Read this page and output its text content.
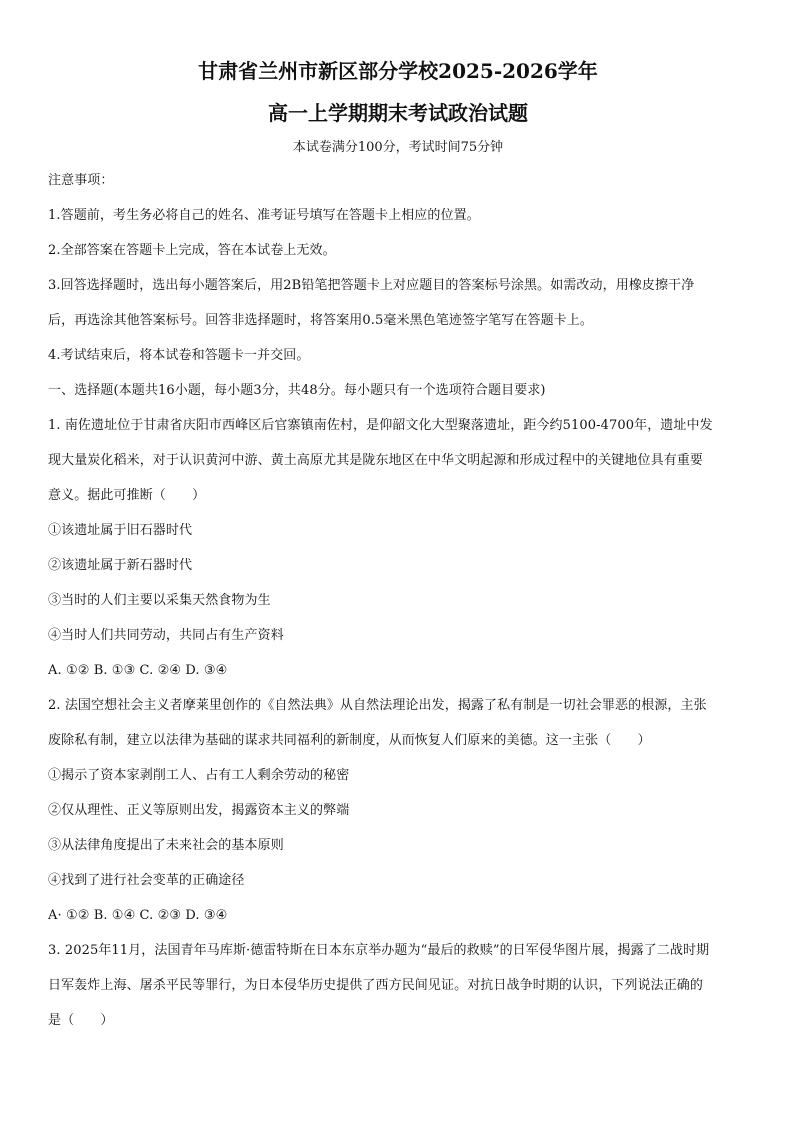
甘肃省兰州市新区部分学校2025-2026学年
高一上学期期末考试政治试题
本试卷满分100分，考试时间75分钟
注意事项：
1.答题前，考生务必将自己的姓名、准考证号填写在答题卡上相应的位置。
2.全部答案在答题卡上完成，答在本试卷上无效。
3.回答选择题时，选出每小题答案后，用2B铅笔把答题卡上对应题目的答案标号涂黑。如需改动，用橡皮擦干净
后，再选涂其他答案标号。回答非选择题时，将答案用0.5毫米黑色笔迹签字笔写在答题卡上。
4.考试结束后，将本试卷和答题卡一并交回。
一、选择题(本题共16小题，每小题3分，共48分。每小题只有一个选项符合题目要求)
1. 南佐遗址位于甘肃省庆阳市西峰区后官寨镇南佐村，是仰韶文化大型聚落遗址，距今约5100-4700年，遗址中发
现大量炭化稻米，对于认识黄河中游、黄土高原尤其是陇东地区在中华文明起源和形成过程中的关键地位具有重要
意义。据此可推断（　　）
①该遗址属于旧石器时代
②该遗址属于新石器时代
③当时的人们主要以采集天然食物为生
④当时人们共同劳动，共同占有生产资料
A. ①② B. ①③ C. ②④ D. ③④
2. 法国空想社会主义者摩莱里创作的《自然法典》从自然法理论出发，揭露了私有制是一切社会罪恶的根源，主张
废除私有制，建立以法律为基础的谋求共同福利的新制度，从而恢复人们原来的美德。这一主张（　　）
①揭示了资本家剥削工人、占有工人剩余劳动的秘密
②仅从理性、正义等原则出发，揭露资本主义的弊端
③从法律角度提出了未来社会的基本原则
④找到了进行社会变革的正确途径
A· ①② B. ①④ C. ②③ D. ③④
3. 2025年11月，法国青年马库斯·德雷特斯在日本东京举办题为“最后的救赎”的日军侵华图片展，揭露了二战时期
日军轰炸上海、屠杀平民等罪行，为日本侵华历史提供了西方民间见证。对抗日战争时期的认识，下列说法正确的
是（　　）
